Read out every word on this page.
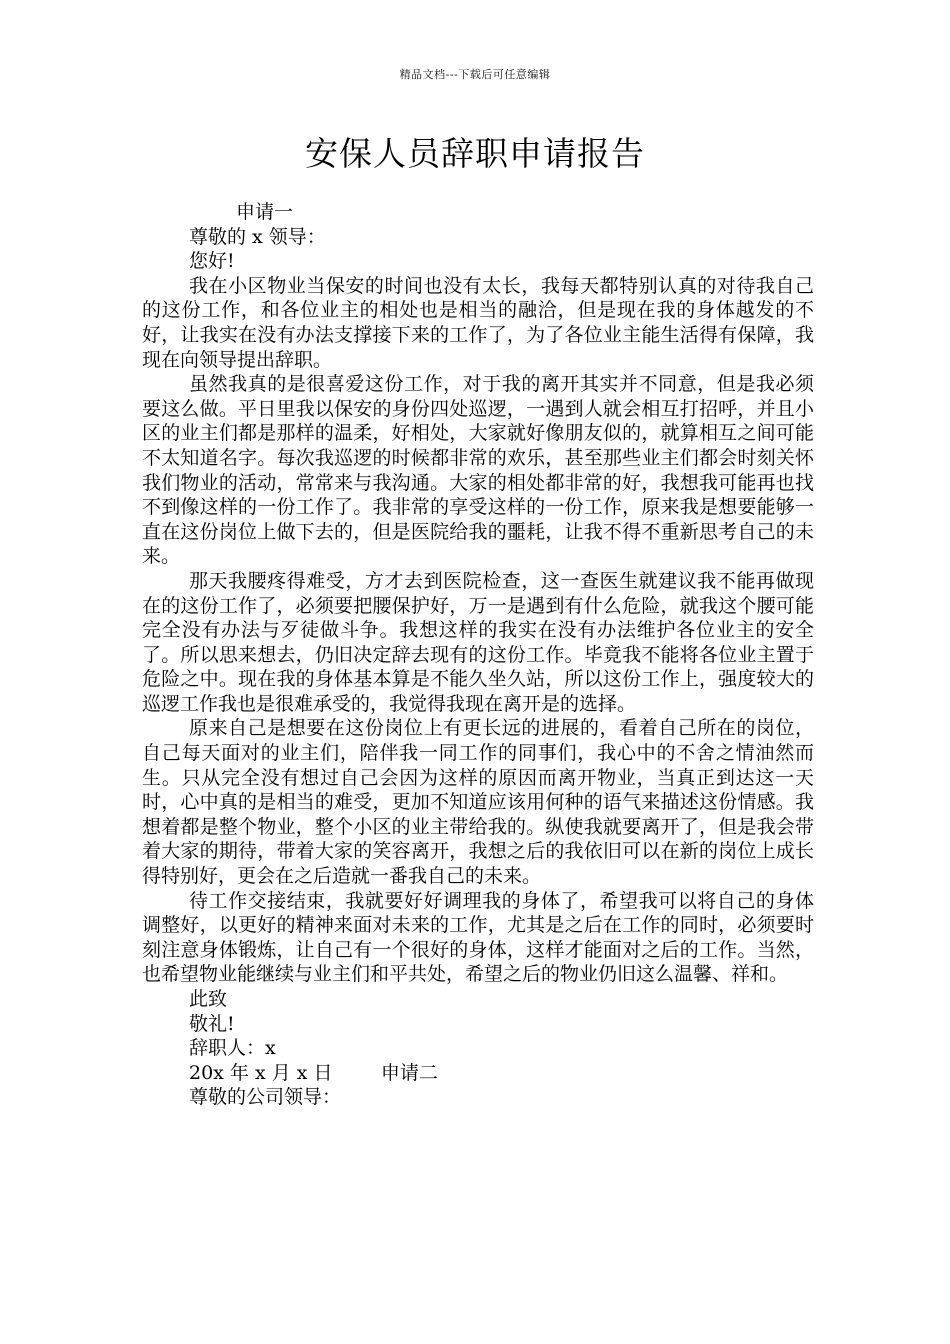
精品文档---下载后可任意编辑
安保人员辞职申请报告
申请一
尊敬的 x 领导：
您好!

我在小区物业当保安的时间也没有太长，我每天都特别认真的对待我自己的这份工作，和各位业主的相处也是相当的融洽，但是现在我的身体越发的不好，让我实在没有办法支撑接下来的工作了，为了各位业主能生活得有保障，我现在向领导提出辞职。

虽然我真的是很喜爱这份工作，对于我的离开其实并不同意，但是我必须要这么做。平日里我以保安的身份四处巡逻，一遇到人就会相互打招呼，并且小区的业主们都是那样的温柔，好相处，大家就好像朋友似的，就算相互之间可能不太知道名字。每次我巡逻的时候都非常的欢乐，甚至那些业主们都会时刻关怀我们物业的活动，常常来与我沟通。大家的相处都非常的好，我想我可能再也找不到像这样的一份工作了。我非常的享受这样的一份工作，原来我是想要能够一直在这份岗位上做下去的，但是医院给我的噩耗，让我不得不重新思考自己的未来。

那天我腰疼得难受，方才去到医院检查，这一查医生就建议我不能再做现在的这份工作了，必须要把腰保护好，万一是遇到有什么危险，就我这个腰可能完全没有办法与歹徒做斗争。我想这样的我实在没有办法维护各位业主的安全了。所以思来想去，仍旧决定辞去现有的这份工作。毕竟我不能将各位业主置于危险之中。现在我的身体基本算是不能久坐久站，所以这份工作上，强度较大的巡逻工作我也是很难承受的，我觉得我现在离开是的选择。

原来自己是想要在这份岗位上有更长远的进展的，看着自己所在的岗位，自己每天面对的业主们，陪伴我一同工作的同事们，我心中的不舍之情油然而生。只从完全没有想过自己会因为这样的原因而离开物业，当真正到达这一天时，心中真的是相当的难受，更加不知道应该用何种的语气来描述这份情感。我想着都是整个物业，整个小区的业主带给我的。纵使我就要离开了，但是我会带着大家的期待，带着大家的笑容离开，我想之后的我依旧可以在新的岗位上成长得特别好，更会在之后造就一番我自己的未来。

待工作交接结束，我就要好好调理我的身体了，希望我可以将自己的身体调整好，以更好的精神来面对未来的工作，尤其是之后在工作的同时，必须要时刻注意身体锻炼，让自己有一个很好的身体，这样才能面对之后的工作。当然，也希望物业能继续与业主们和平共处，希望之后的物业仍旧这么温馨、祥和。

此致
敬礼!
辞职人：x
20x 年 x 月 x 日        申请二
尊敬的公司领导：
